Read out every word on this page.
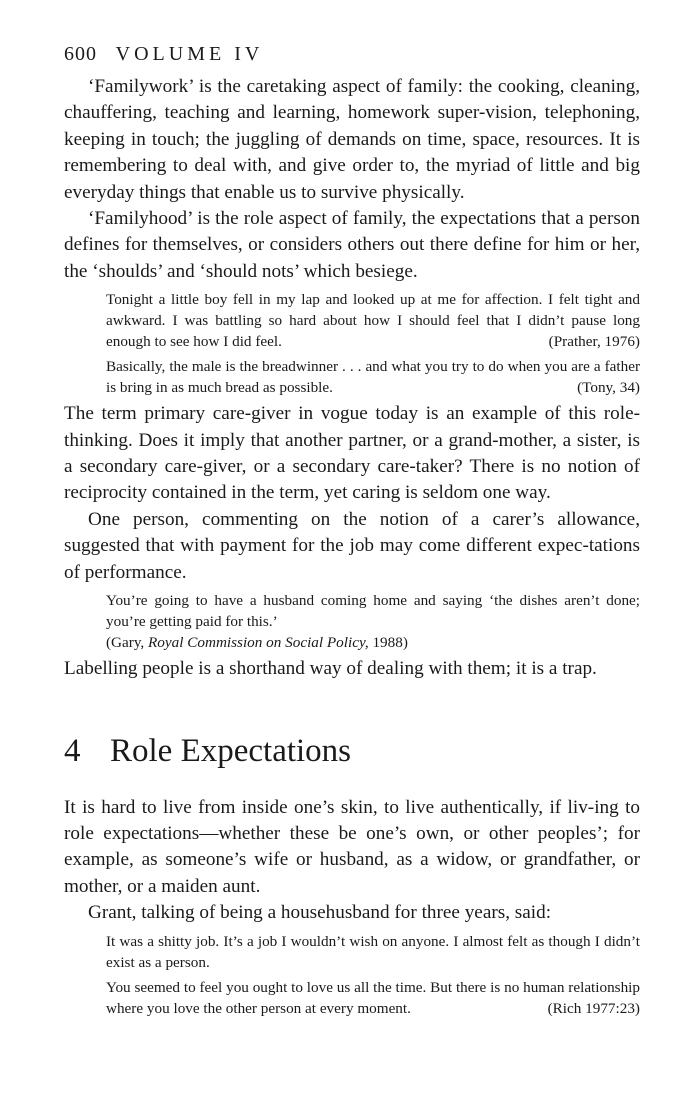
600 VOLUME IV

‘Familywork’ is the caretaking aspect of family: the cooking, cleaning, chauffering, teaching and learning, homework super-vision, telephoning, keeping in touch; the juggling of demands on time, space, resources. It is remembering to deal with, and give order to, the myriad of little and big everyday things that enable us to survive physically.

‘Familyhood’ is the role aspect of family, the expectations that a person defines for themselves, or considers others out there define for him or her, the ‘shoulds’ and ‘should nots’ which besiege.

Tonight a little boy fell in my lap and looked up at me for affection. I felt tight and awkward. I was battling so hard about how I should feel that I didn’t pause long enough to see how I did feel.	(Prather, 1976)
Basically, the male is the breadwinner . . . and what you try to do when you are a father is bring in as much bread as possible.	(Tony, 34)

The term primary care-giver in vogue today is an example of this role-thinking. Does it imply that another partner, or a grand-mother, a sister, is a secondary care-giver, or a secondary care-taker? There is no notion of reciprocity contained in the term, yet caring is seldom one way.

One person, commenting on the notion of a carer’s allowance, suggested that with payment for the job may come different expec-tations of performance.

You’re going to have a husband coming home and saying ‘the dishes aren’t done; you’re getting paid for this.’
(Gary, Royal Commission on Social Policy, 1988)

Labelling people is a shorthand way of dealing with them; it is a trap.

4 Role Expectations

It is hard to live from inside one’s skin, to live authentically, if liv-ing to role expectations—whether these be one’s own, or other peoples’; for example, as someone’s wife or husband, as a widow, or grandfather, or mother, or a maiden aunt.

Grant, talking of being a househusband for three years, said:

It was a shitty job. It’s a job I wouldn’t wish on anyone. I almost felt as though I didn’t exist as a person.
You seemed to feel you ought to love us all the time. But there is no human relationship where you love the other person at every moment.	(Rich 1977:23)
